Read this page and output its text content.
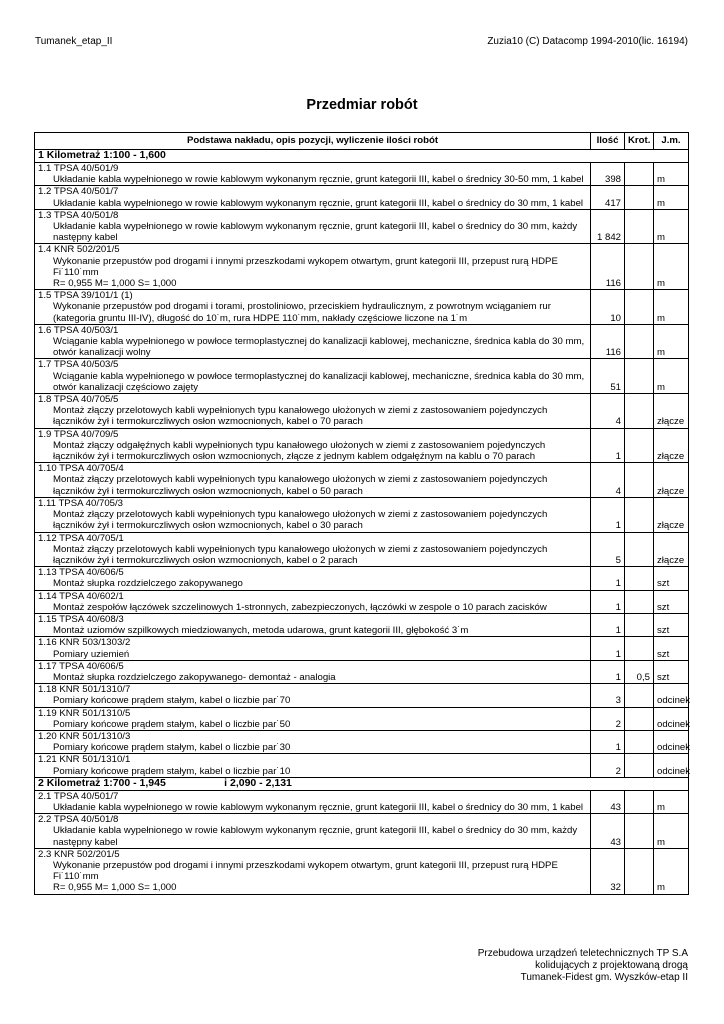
Tumanek_etap_II	Zuzia10 (C) Datacomp 1994-2010(lic. 16194)
Przedmiar robót
Podstawa nakładu, opis pozycji, wyliczenie ilości robót	Ilość	Krot.	J.m.
1 Kilometraż 1:100 - 1,600			

1.1 TPSA 40/501/9
Układanie kabla wypełnionego w rowie kablowym wykonanym ręcznie, grunt kategorii III, kabel o średnicy 30-50 mm, 1 kabel	398		m

1.2 TPSA 40/501/7
Układanie kabla wypełnionego w rowie kablowym wykonanym ręcznie, grunt kategorii III, kabel o średnicy do 30 mm, 1 kabel	417		m

1.3 TPSA 40/501/8
Układanie kabla wypełnionego w rowie kablowym wykonanym ręcznie, grunt kategorii III, kabel o średnicy do 30 mm, każdy następny kabel	1 842		m

1.4 KNR 502/201/5
Wykonanie przepustów pod drogami i innymi przeszkodami wykopem otwartym, grunt kategorii III, przepust rurą HDPE Fi˙110˙mm
R= 0,955 M= 1,000 S= 1,000	116		m

1.5 TPSA 39/101/1 (1)
Wykonanie przepustów pod drogami i torami, prostoliniowo, przeciskiem hydraulicznym, z powrotnym wciąganiem rur (kategoria gruntu III-IV), długość do 10˙m, rura HDPE 110˙mm, nakłady częściowe liczone na 1˙m	10		m

1.6 TPSA 40/503/1
Wciąganie kabla wypełnionego w powłoce termoplastycznej do kanalizacji kablowej, mechaniczne, średnica kabla do 30 mm, otwór kanalizacji wolny	116		m

1.7 TPSA 40/503/5
Wciąganie kabla wypełnionego w powłoce termoplastycznej do kanalizacji kablowej, mechaniczne, średnica kabla do 30 mm, otwór kanalizacji częściowo zajęty	51		m

1.8 TPSA 40/705/5
Montaż złączy przelotowych kabli wypełnionych typu kanałowego ułożonych w ziemi z zastosowaniem pojedynczych łączników żył i termokurczliwych osłon wzmocnionych, kabel o 70 parach	4		złącze

1.9 TPSA 40/709/5
Montaż złączy odgałęźnych kabli wypełnionych typu kanałowego ułożonych w ziemi z zastosowaniem pojedynczych łączników żył i termokurczliwych osłon wzmocnionych, złącze z jednym kablem odgałęźnym na kablu o 70 parach	1		złącze

1.10 TPSA 40/705/4
Montaż złączy przelotowych kabli wypełnionych typu kanałowego ułożonych w ziemi z zastosowaniem pojedynczych łączników żył i termokurczliwych osłon wzmocnionych, kabel o 50 parach	4		złącze

1.11 TPSA 40/705/3
Montaż złączy przelotowych kabli wypełnionych typu kanałowego ułożonych w ziemi z zastosowaniem pojedynczych łączników żył i termokurczliwych osłon wzmocnionych, kabel o 30 parach	1		złącze

1.12 TPSA 40/705/1
Montaż złączy przelotowych kabli wypełnionych typu kanałowego ułożonych w ziemi z zastosowaniem pojedynczych łączników żył i termokurczliwych osłon wzmocnionych, kabel o 2 parach	5		złącze

1.13 TPSA 40/606/5
Montaż słupka rozdzielczego zakopywanego	1		szt

1.14 TPSA 40/602/1
Montaż zespołów łączówek szczelinowych 1-stronnych, zabezpieczonych, łączówki w zespole o 10 parach zacisków	1		szt

1.15 TPSA 40/608/3
Montaż uziomów szpilkowych miedziowanych, metoda udarowa, grunt kategorii III, głębokość 3˙m	1		szt

1.16 KNR 503/1303/2
Pomiary uziemień	1		szt

1.17 TPSA 40/606/5
Montaż słupka rozdzielczego zakopywanego- demontaż - analogia	1	0,5	szt

1.18 KNR 501/1310/7
Pomiary końcowe prądem stałym, kabel o liczbie par˙70	3		odcinek

1.19 KNR 501/1310/5
Pomiary końcowe prądem stałym, kabel o liczbie par˙50	2		odcinek

1.20 KNR 501/1310/3
Pomiary końcowe prądem stałym, kabel o liczbie par˙30	1		odcinek

1.21 KNR 501/1310/1
Pomiary końcowe prądem stałym, kabel o liczbie par˙10	2		odcinek
2 Kilometraż 1:700 - 1,945                    i 2,090 - 2,131			

2.1 TPSA 40/501/7
Układanie kabla wypełnionego w rowie kablowym wykonanym ręcznie, grunt kategorii III, kabel o średnicy do 30 mm, 1 kabel	43		m

2.2 TPSA 40/501/8
Układanie kabla wypełnionego w rowie kablowym wykonanym ręcznie, grunt kategorii III, kabel o średnicy do 30 mm, każdy następny kabel	43		m

2.3 KNR 502/201/5
Wykonanie przepustów pod drogami i innymi przeszkodami wykopem otwartym, grunt kategorii III, przepust rurą HDPE Fi˙110˙mm
R= 0,955 M= 1,000 S= 1,000	32		m
Przebudowa urządzeń teletechnicznych TP S.A
kolidujących z projektowaną drogą
Tumanek-Fidest gm. Wyszków-etap II
